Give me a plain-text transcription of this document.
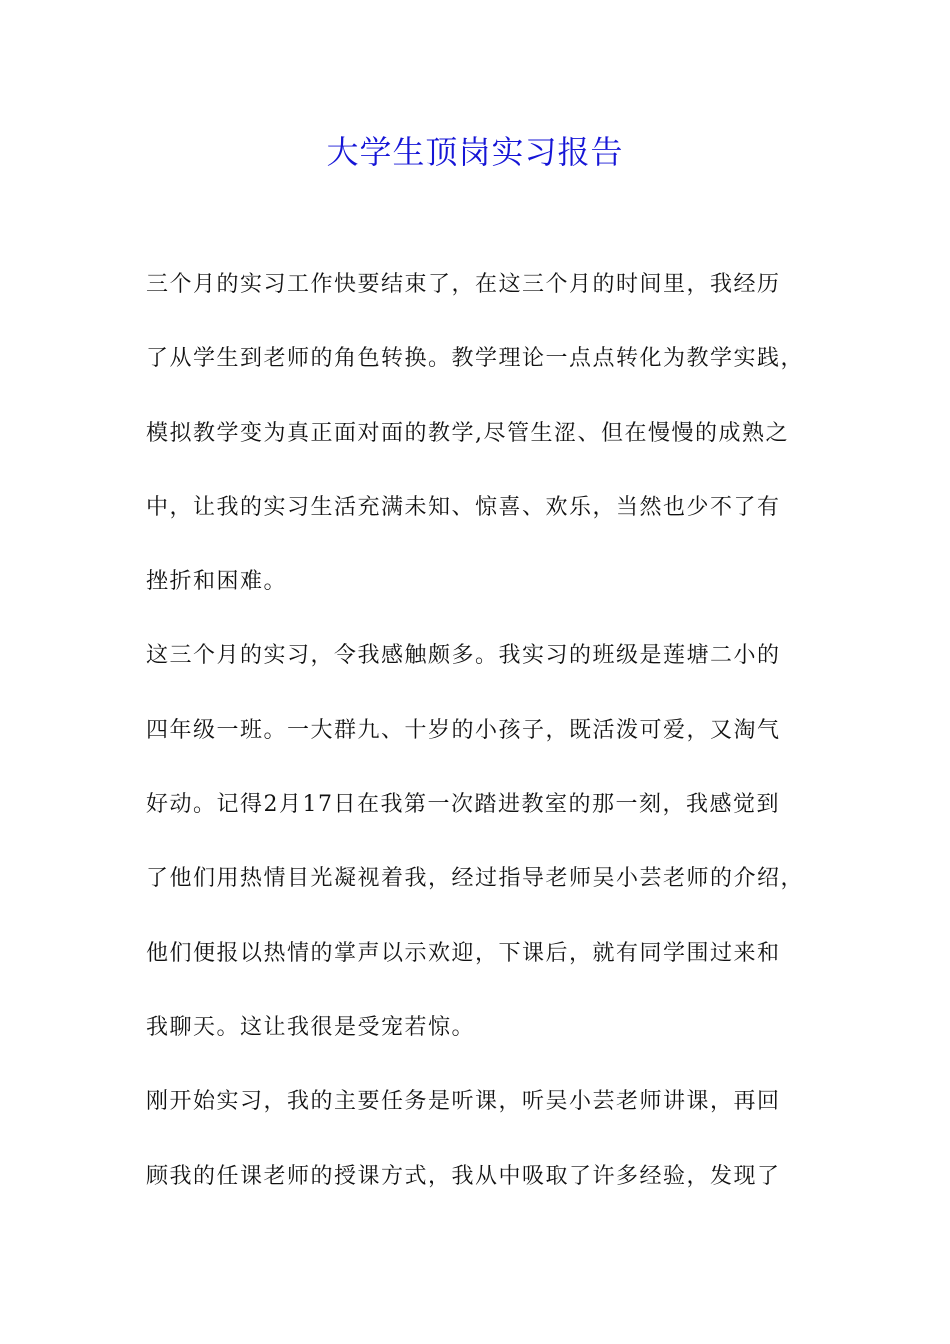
大学生顶岗实习报告
三个月的实习工作快要结束了，在这三个月的时间里，我经历
了从学生到老师的角色转换。教学理论一点点转化为教学实践，
模拟教学变为真正面对面的教学,尽管生涩、但在慢慢的成熟之
中，让我的实习生活充满未知、惊喜、欢乐，当然也少不了有
挫折和困难。
这三个月的实习，令我感触颇多。我实习的班级是莲塘二小的
四年级一班。一大群九、十岁的小孩子，既活泼可爱，又淘气
好动。记得2月17日在我第一次踏进教室的那一刻，我感觉到
了他们用热情目光凝视着我，经过指导老师吴小芸老师的介绍，
他们便报以热情的掌声以示欢迎，下课后，就有同学围过来和
我聊天。这让我很是受宠若惊。
刚开始实习，我的主要任务是听课，听吴小芸老师讲课，再回
顾我的任课老师的授课方式，我从中吸取了许多经验，发现了
